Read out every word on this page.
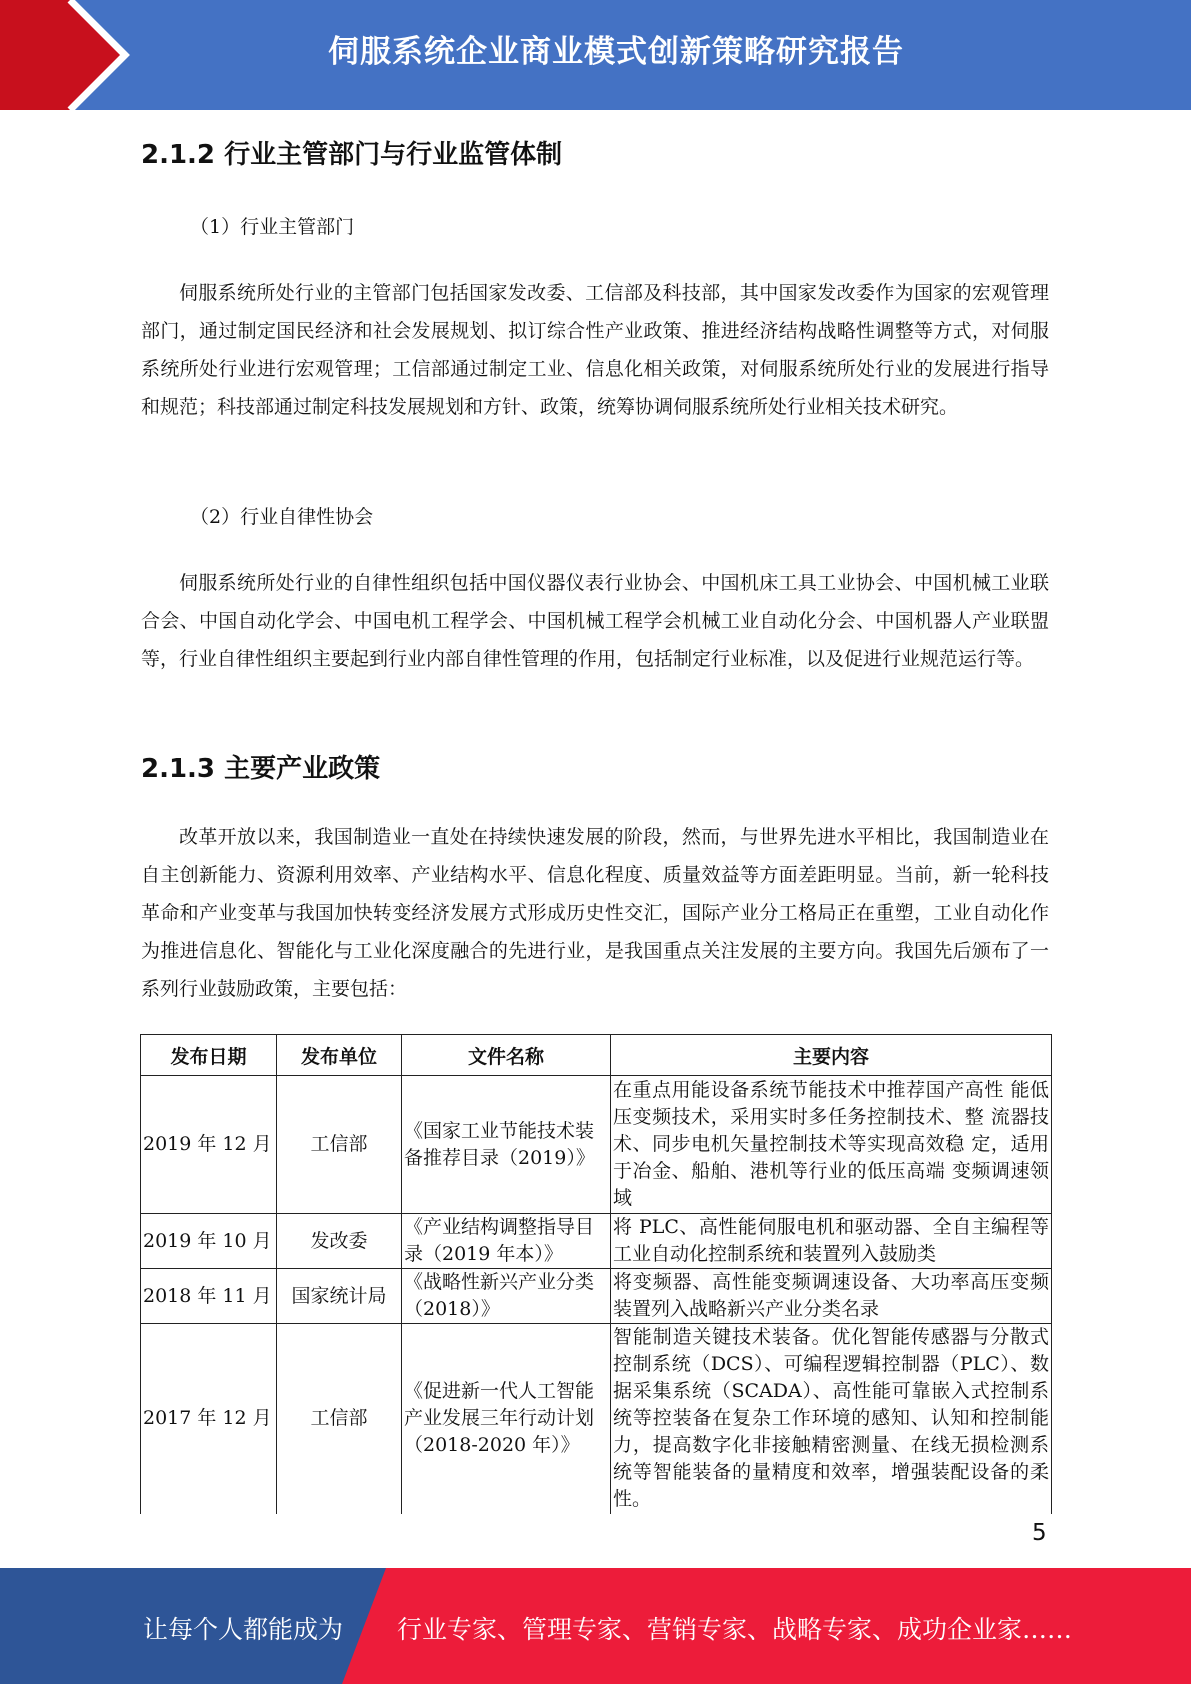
伺服系统企业商业模式创新策略研究报告
2.1.2 行业主管部门与行业监管体制
（1）行业主管部门
伺服系统所处行业的主管部门包括国家发改委、工信部及科技部，其中国家发改委作为国家的宏观管理部门，通过制定国民经济和社会发展规划、拟订综合性产业政策、推进经济结构战略性调整等方式，对伺服系统所处行业进行宏观管理；工信部通过制定工业、信息化相关政策，对伺服系统所处行业的发展进行指导和规范；科技部通过制定科技发展规划和方针、政策，统筹协调伺服系统所处行业相关技术研究。
（2）行业自律性协会
伺服系统所处行业的自律性组织包括中国仪器仪表行业协会、中国机床工具工业协会、中国机械工业联合会、中国自动化学会、中国电机工程学会、中国机械工程学会机械工业自动化分会、中国机器人产业联盟等，行业自律性组织主要起到行业内部自律性管理的作用，包括制定行业标准，以及促进行业规范运行等。
2.1.3 主要产业政策
改革开放以来，我国制造业一直处在持续快速发展的阶段，然而，与世界先进水平相比，我国制造业在自主创新能力、资源利用效率、产业结构水平、信息化程度、质量效益等方面差距明显。当前，新一轮科技革命和产业变革与我国加快转变经济发展方式形成历史性交汇，国际产业分工格局正在重塑，工业自动化作为推进信息化、智能化与工业化深度融合的先进行业，是我国重点关注发展的主要方向。我国先后颁布了一系列行业鼓励政策，主要包括：
发布日期	发布单位	文件名称	主要内容
2019 年 12 月	工信部	《国家工业节能技术装备推荐目录（2019）》	在重点用能设备系统节能技术中推荐国产高性 能低压变频技术，采用实时多任务控制技术、整 流器技术、同步电机矢量控制技术等实现高效稳 定，适用于冶金、船舶、港机等行业的低压高端 变频调速领域
2019 年 10 月	发改委	《产业结构调整指导目录（2019 年本）》	将 PLC、高性能伺服电机和驱动器、全自主编程等工业自动化控制系统和装置列入鼓励类
2018 年 11 月	国家统计局	《战略性新兴产业分类（2018）》	将变频器、高性能变频调速设备、大功率高压变频装置列入战略新兴产业分类名录
2017 年 12 月	工信部	《促进新一代人工智能产业发展三年行动计划（2018-2020 年）》	智能制造关键技术装备。优化智能传感器与分散式控制系统（DCS）、可编程逻辑控制器（PLC）、数据采集系统（SCADA）、高性能可靠嵌入式控制系统等控装备在复杂工作环境的感知、认知和控制能力，提高数字化非接触精密测量、在线无损检测系统等智能装备的量精度和效率，增强装配设备的柔性。
5
让每个人都能成为 行业专家、管理专家、营销专家、战略专家、成功企业家……
